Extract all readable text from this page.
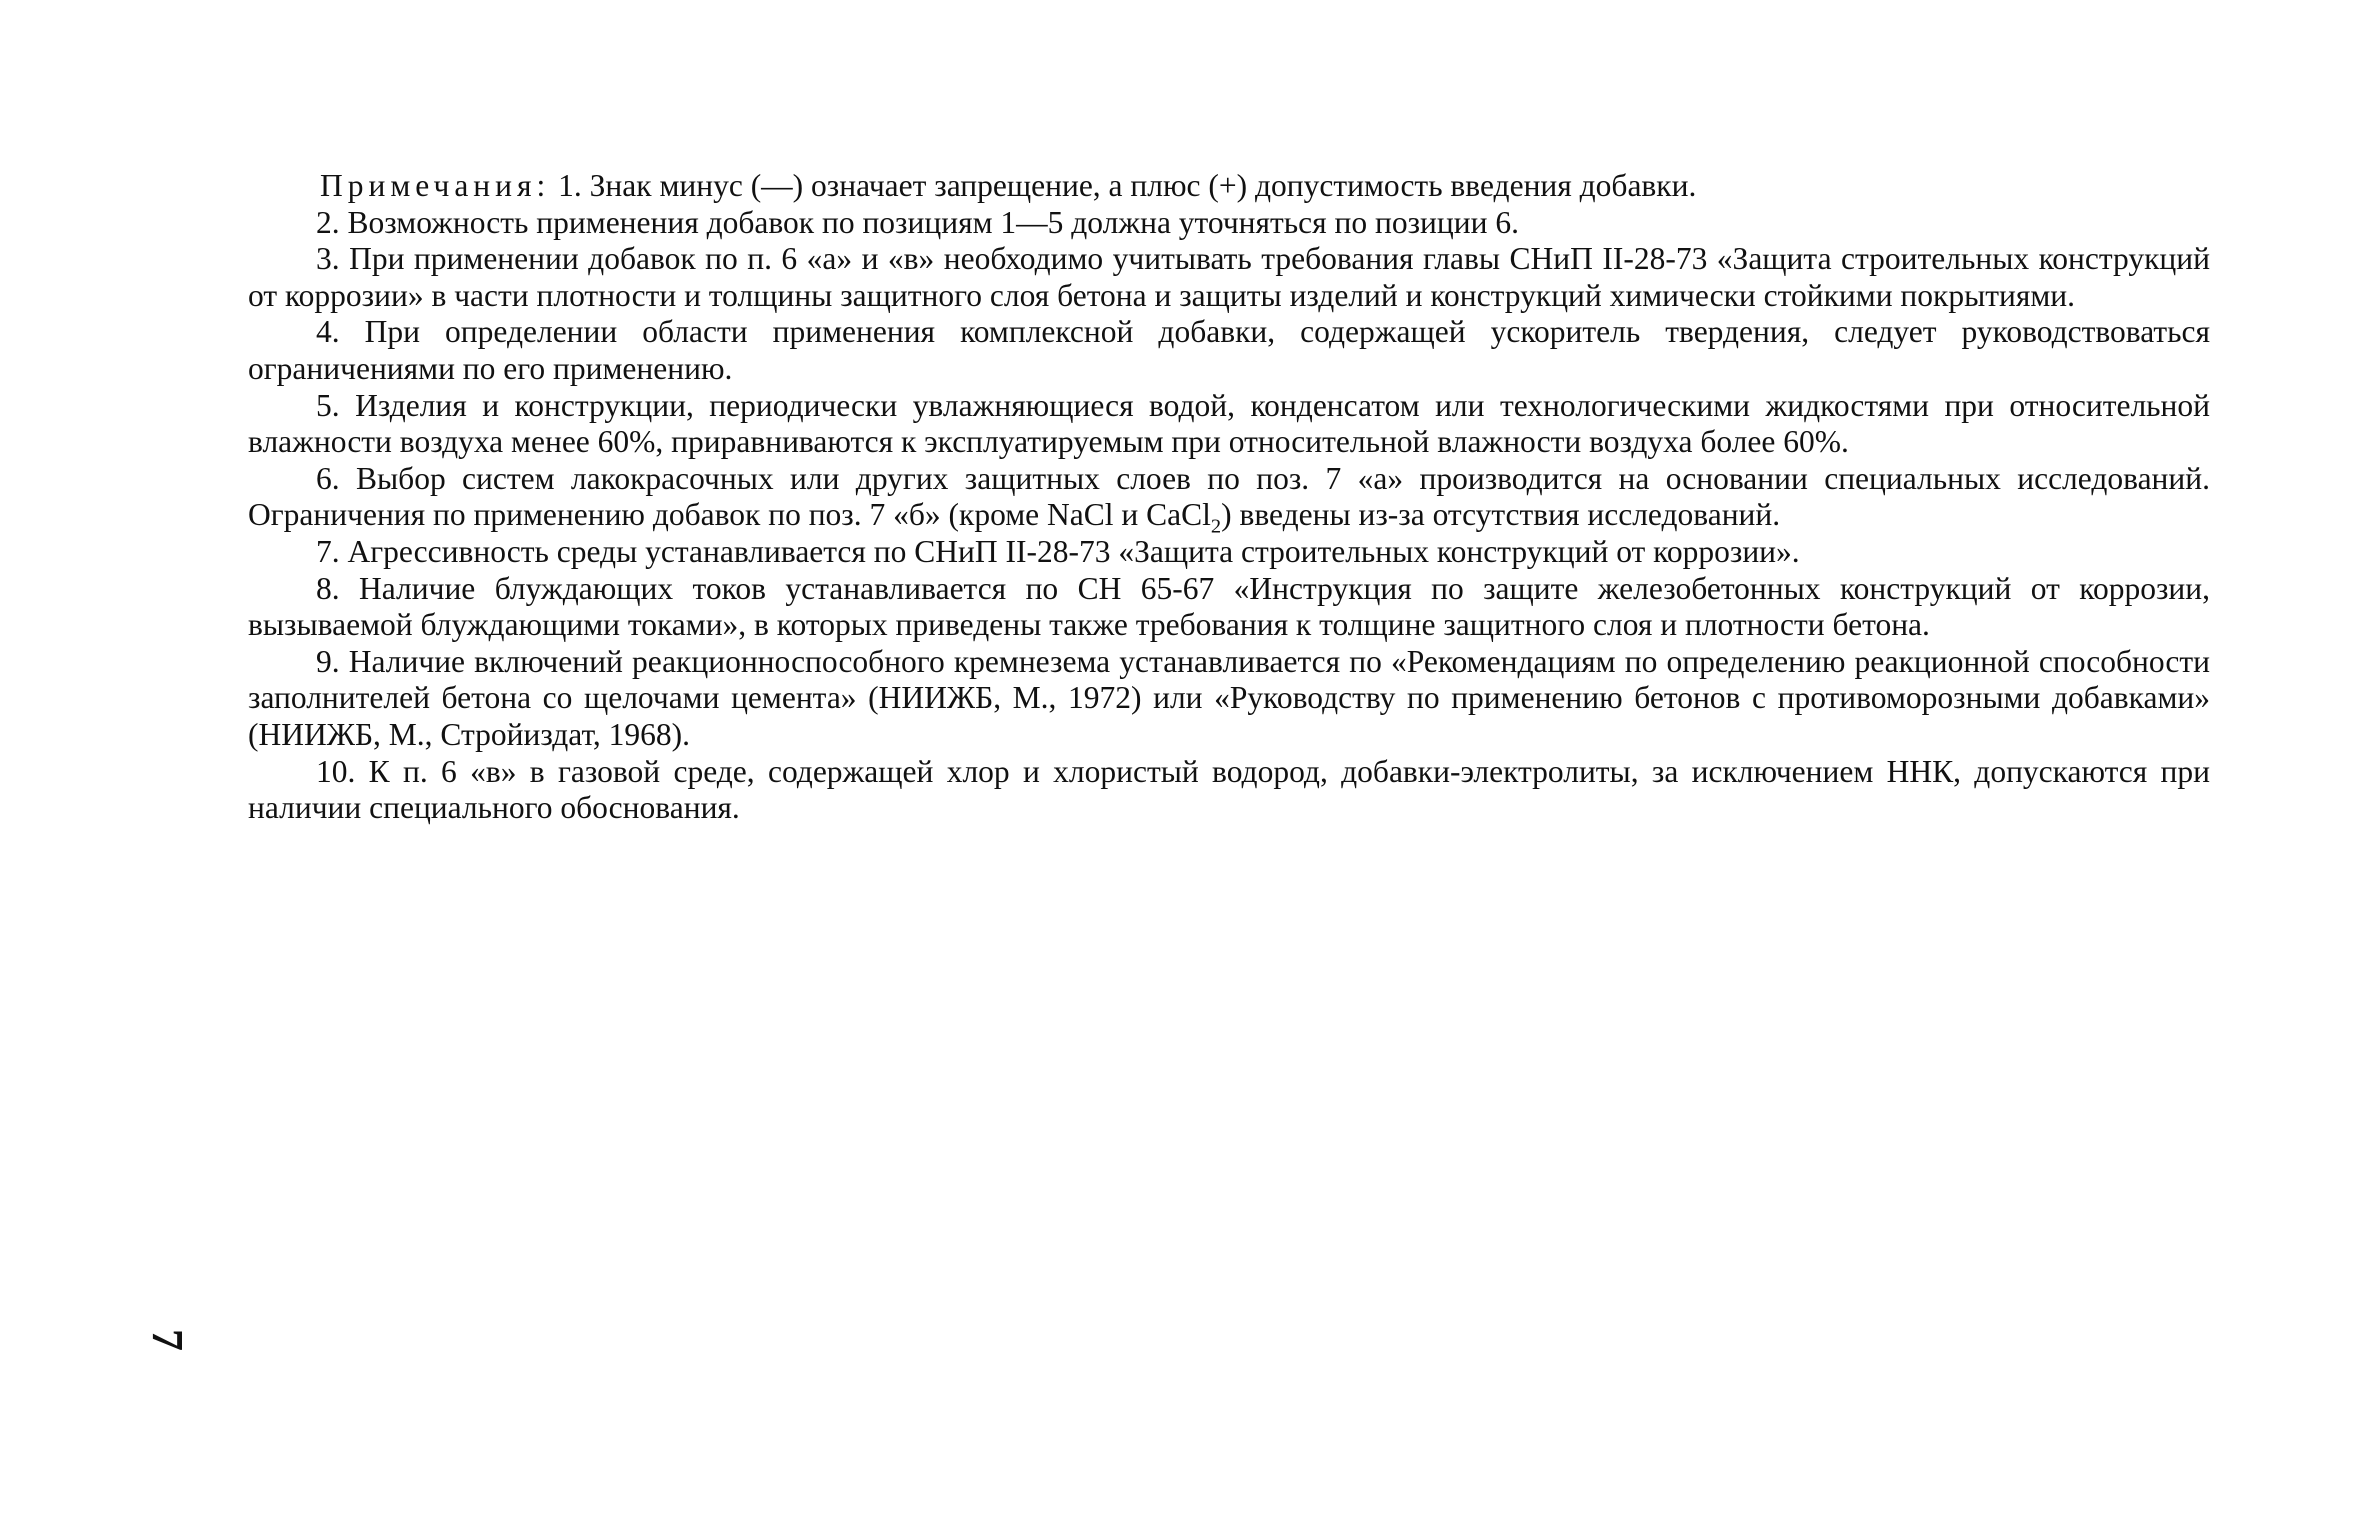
Примечания: 1. Знак минус (—) означает запрещение, а плюс (+) допустимость введения добавки.

2. Возможность применения добавок по позициям 1—5 должна уточняться по позиции 6.

3. При применении добавок по п. 6 «а» и «в» необходимо учитывать требования главы СНиП II-28-73 «Защита строительных конструкций от коррозии» в части плотности и толщины защитного слоя бетона и защиты изделий и конструкций химически стойкими покрытиями.

4. При определении области применения комплексной добавки, содержащей ускоритель твердения, следует руководствоваться ограничениями по его применению.

5. Изделия и конструкции, периодически увлажняющиеся водой, конденсатом или технологическими жидкостями при относительной влажности воздуха менее 60%, приравниваются к эксплуатируемым при относительной влажности воздуха более 60%.

6. Выбор систем лакокрасочных или других защитных слоев по поз. 7 «а» производится на основании специальных исследований. Ограничения по применению добавок по поз. 7 «б» (кроме NaCl и CaCl$_2$) введены из-за отсутствия исследований.

7. Агрессивность среды устанавливается по СНиП II-28-73 «Защита строительных конструкций от коррозии».

8. Наличие блуждающих токов устанавливается по СН 65-67 «Инструкция по защите железобетонных конструкций от коррозии, вызываемой блуждающими токами», в которых приведены также требования к толщине защитного слоя и плотности бетона.

9. Наличие включений реакционноспособного кремнезема устанавливается по «Рекомендациям по определению реакционной способности заполнителей бетона со щелочами цемента» (НИИЖБ, М., 1972) или «Руководству по применению бетонов с противоморозными добавками» (НИИЖБ, М., Стройиздат, 1968).

10. К п. 6 «в» в газовой среде, содержащей хлор и хлористый водород, добавки-электролиты, за исключением ННК, допускаются при наличии специального обоснования.

7
